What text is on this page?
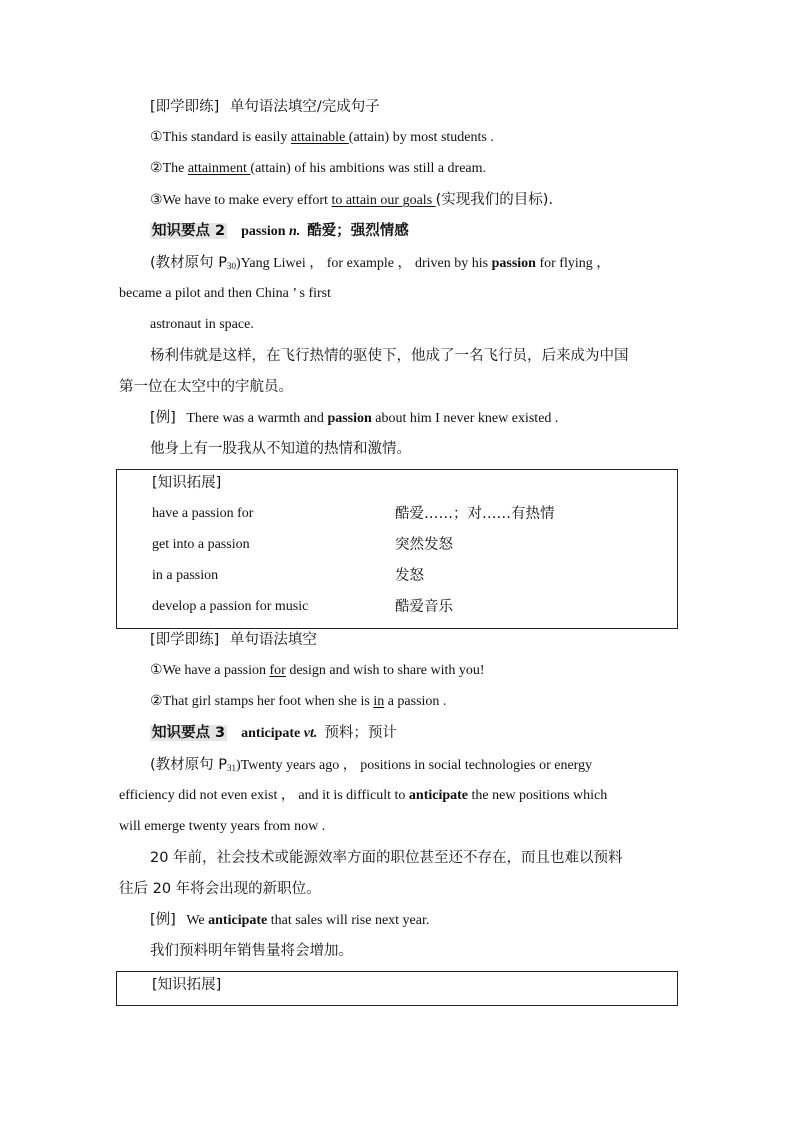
[即学即练] 单句语法填空/完成句子
①This standard is easily attainable (attain) by most students .
②The attainment (attain) of his ambitions was still a dream.
③We have to make every effort to attain our goals (实现我们的目标).
知识要点 2 passion n. 酷爱；强烈情感
(教材原句 $P_{30})Yang$ Liwei ， for example ， driven by his passion for flying ，
became a pilot and then China ’ s first
astronaut in space.
杨利伟就是这样，在飞行热情的驱使下，他成了一名飞行员，后来成为中国
第一位在太空中的宇航员。
[例] There was a warmth and passion about him I never knew existed .
他身上有一股我从不知道的热情和激情。
[知识拓展]
have a passion for	酷爱……；对……有热情
get into a passion	突然发怒
in a passion	发怒
develop a passion for music	酷爱音乐
[即学即练] 单句语法填空
①We have a passion for design and wish to share with you!
②That girl stamps her foot when she is in a passion .
知识要点 3 anticipate vt. 预料；预计
(教材原句 $P_{31})Twenty$ years ago ， positions in social technologies or energy
efficiency did not even exist ， and it is difficult to anticipate the new positions which
will emerge twenty years from now .
20 年前，社会技术或能源效率方面的职位甚至还不存在，而且也难以预料
往后 20 年将会出现的新职位。
[例] We anticipate that sales will rise next year.
我们预料明年销售量将会增加。
[知识拓展]
